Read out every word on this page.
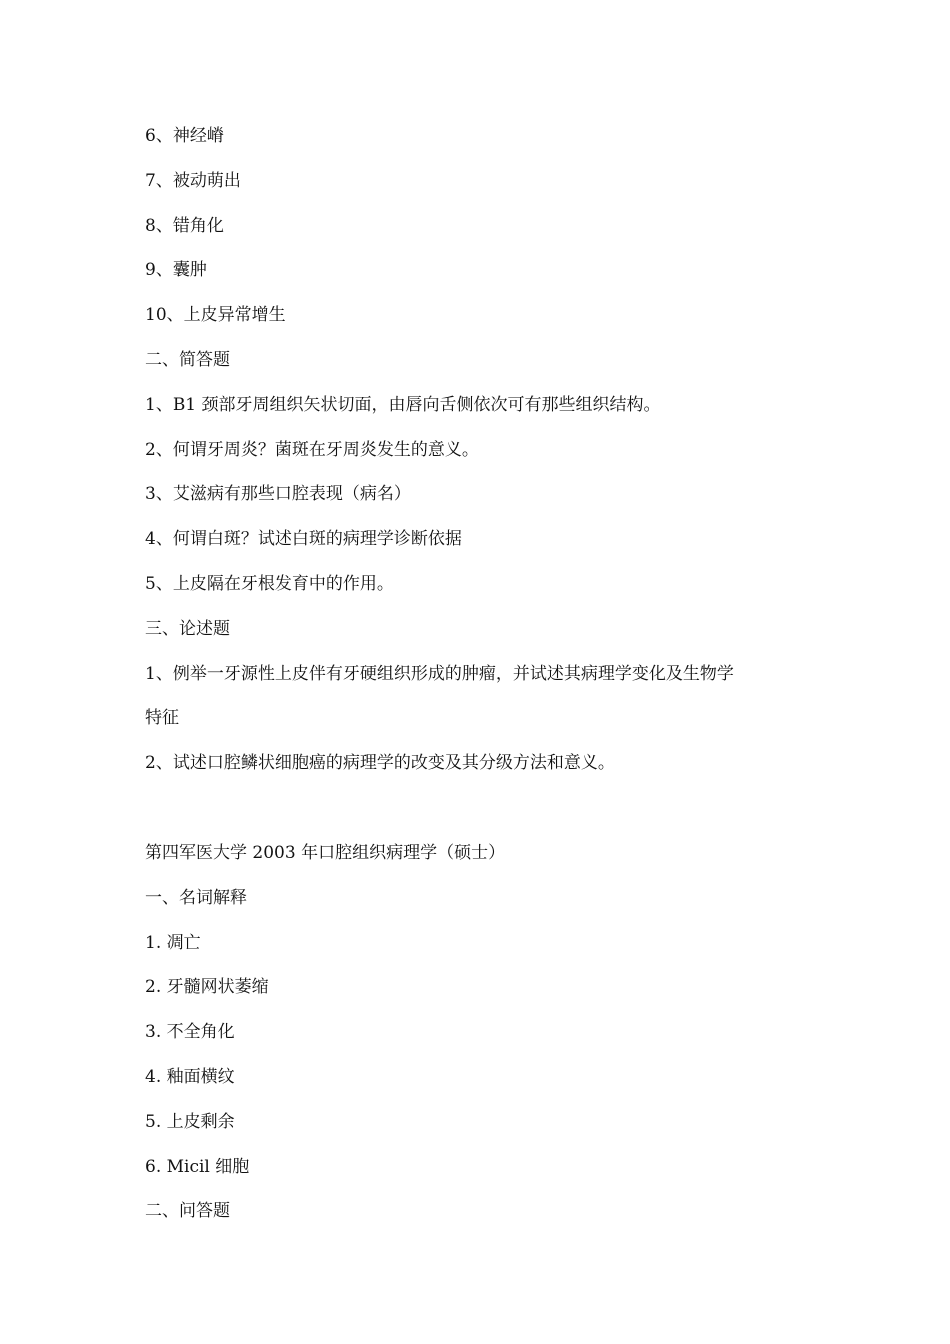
6、神经嵴
7、被动萌出
8、错角化
9、囊肿
10、上皮异常增生
二、简答题
1、B1 颈部牙周组织矢状切面，由唇向舌侧依次可有那些组织结构。
2、何谓牙周炎？菌斑在牙周炎发生的意义。
3、艾滋病有那些口腔表现（病名）
4、何谓白斑？试述白斑的病理学诊断依据
5、上皮隔在牙根发育中的作用。
三、论述题
1、例举一牙源性上皮伴有牙硬组织形成的肿瘤，并试述其病理学变化及生物学
特征
2、试述口腔鳞状细胞癌的病理学的改变及其分级方法和意义。
第四军医大学 2003 年口腔组织病理学（硕士）
一、名词解释
1. 凋亡
2. 牙髓网状萎缩
3. 不全角化
4. 釉面横纹
5. 上皮剩余
6. Micil 细胞
二、问答题
